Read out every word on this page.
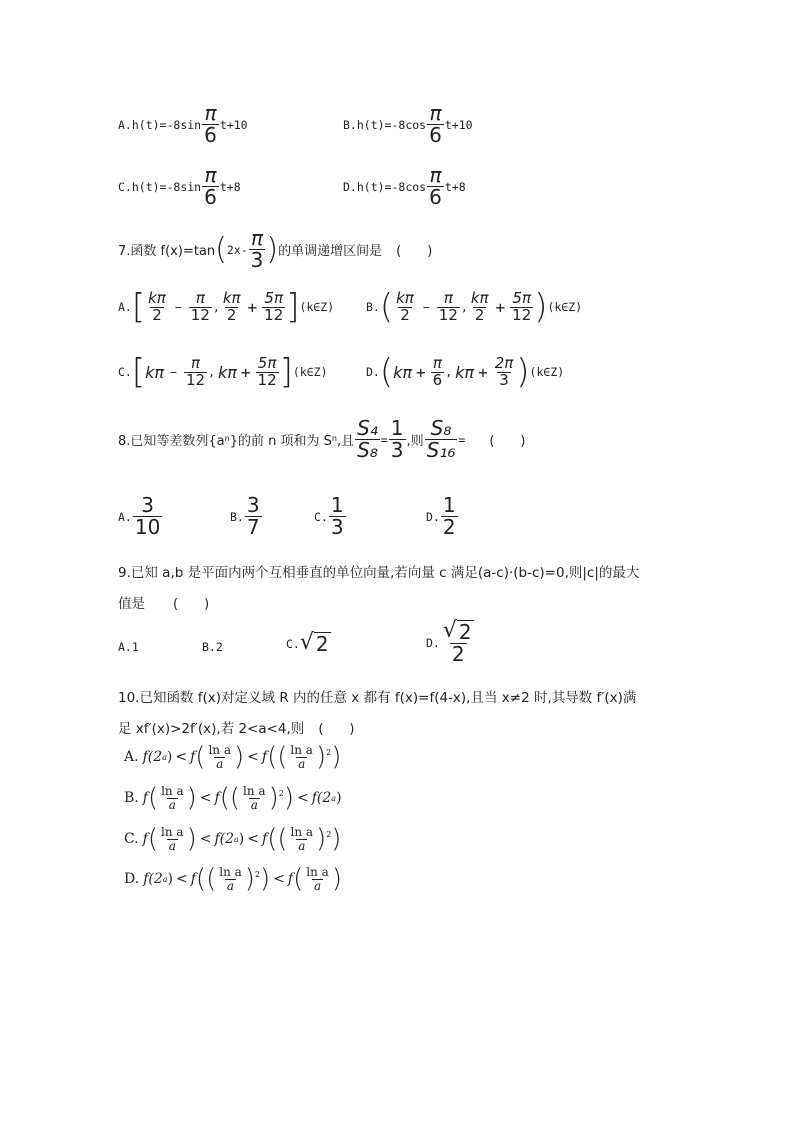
A. $h(t)=-8\sin \frac{\pi}{6} t+10$	B. $h(t)=-8\cos \frac{\pi}{6} t+10$
C. $h(t)=-8\sin \frac{\pi}{6} t+8$	D. $h(t)=-8\cos \frac{\pi}{6} t+8$
7.函数 f(x)=tan ( $2x- \frac{\pi}{3}$ ) 的单调递增区间是 (　　)
A. [ $\frac{k\pi}{2} - \frac{\pi}{12}$ , $\frac{k\pi}{2} + \frac{5\pi}{12}$ ] (k∈Z)	B. ( $\frac{k\pi}{2} - \frac{\pi}{12}$ , $\frac{k\pi}{2} + \frac{5\pi}{12}$ ) (k∈Z)
C. [ $k\pi - \frac{\pi}{12}$ , $k\pi + \frac{5\pi}{12}$ ] (k∈Z)	D. ( $k\pi + \frac{\pi}{6}$ , $k\pi + \frac{2\pi}{3}$ ) (k∈Z)
8.已知等差数列{a n }的前 n 项和为 S n ,且 $\frac{\text{S₄}}{\text{S₈}} = \frac{1}{3}$ ,则 $\frac{\text{S₈}}{\text{S₁₆}}$ = (　　)
A. $\frac{3}{10}$	B. $\frac{3}{7}$	C. $\frac{1}{3}$	D. $\frac{1}{2}$
9.已知 a,b 是平面内两个互相垂直的单位向量,若向量 c 满足(a-c)·(b-c)=0,则|c|的最大
值是 (　　)
A. 1	B. 2	C. √ 2	D. $\frac{√ 2}{2}$
10.已知函数 f(x)对定义域 R 内的任意 x 都有 f(x)=f(4-x),且当 x≠2 时,其导数 f′(x)满
足 xf′(x)>2f′(x),若 2<a<4,则 (　　)
A. f(2 a ) < f ( $\frac{\text{ln a}}{a}$ ) < f ( ( $\frac{\text{ln a}}{a}$ ) 2 )
B. f ( $\frac{\text{ln a}}{a}$ ) < f ( ( $\frac{\text{ln a}}{a}$ ) 2 ) < f(2 a )
C. f ( $\frac{\text{ln a}}{a}$ ) < f(2 a ) < f ( ( $\frac{\text{ln a}}{a}$ ) 2 )
D. f(2 a ) < f ( ( $\frac{\text{ln a}}{a}$ ) 2 ) < f ( $\frac{\text{ln a}}{a}$ )
